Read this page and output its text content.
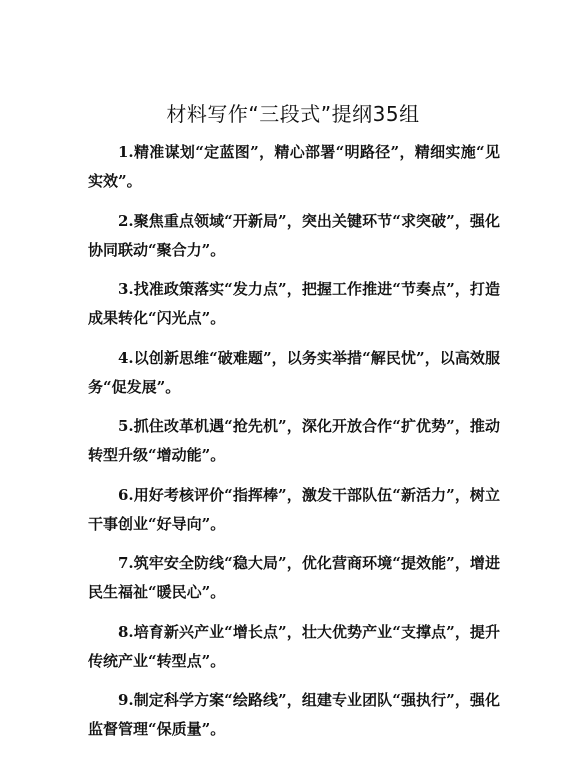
材料写作“三段式”提纲35组

1.精准谋划“定蓝图”，精心部署“明路径”，精细实施“见实效”。

2.聚焦重点领域“开新局”，突出关键环节“求突破”，强化协同联动“聚合力”。

3.找准政策落实“发力点”，把握工作推进“节奏点”，打造成果转化“闪光点”。

4.以创新思维“破难题”，以务实举措“解民忧”，以高效服务“促发展”。

5.抓住改革机遇“抢先机”，深化开放合作“扩优势”，推动转型升级“增动能”。

6.用好考核评价“指挥棒”，激发干部队伍“新活力”，树立干事创业“好导向”。

7.筑牢安全防线“稳大局”，优化营商环境“提效能”，增进民生福祉“暖民心”。

8.培育新兴产业“增长点”，壮大优势产业“支撑点”，提升传统产业“转型点”。

9.制定科学方案“绘路线”，组建专业团队“强执行”，强化监督管理“保质量”。
